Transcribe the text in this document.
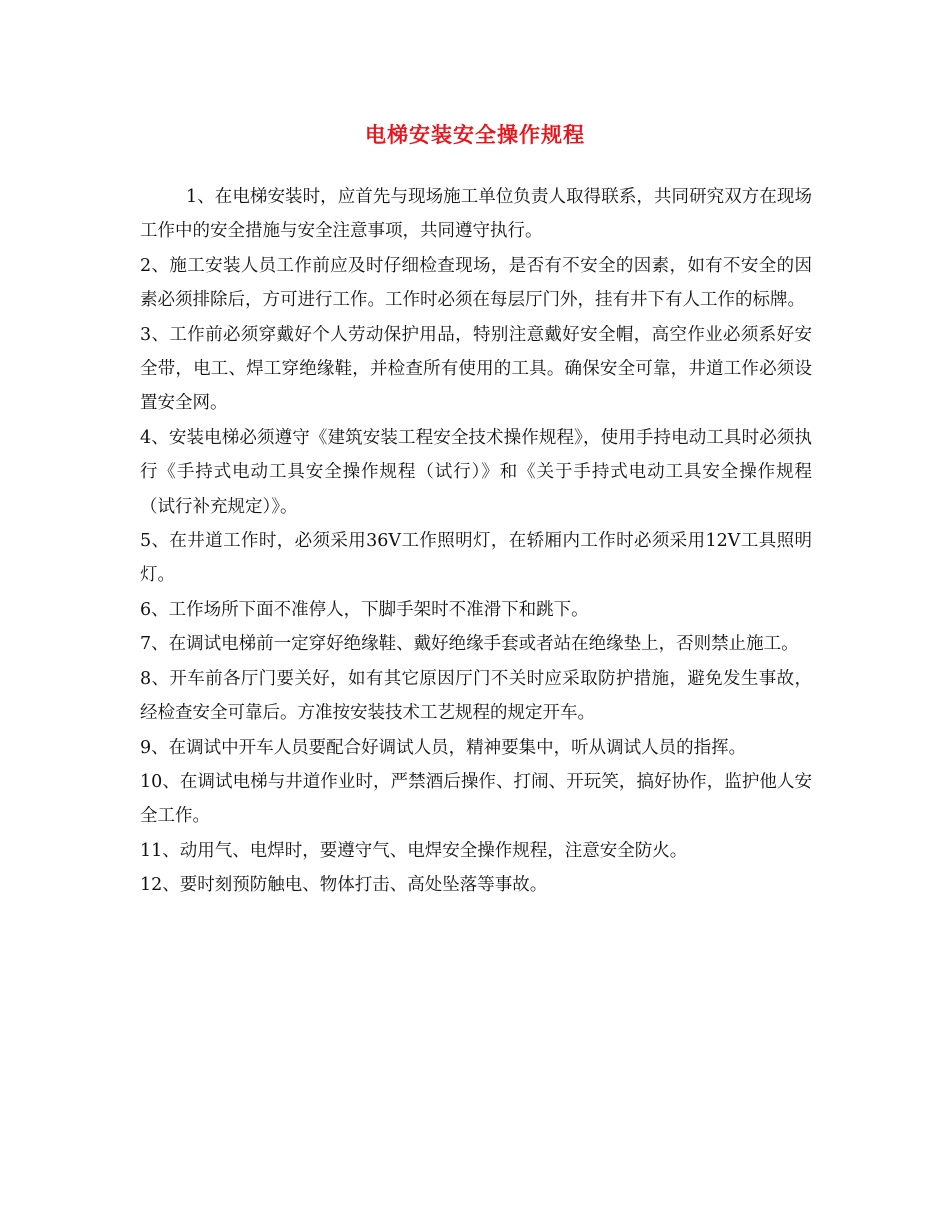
电梯安装安全操作规程

1、在电梯安装时，应首先与现场施工单位负责人取得联系，共同研究双方在现场工作中的安全措施与安全注意事项，共同遵守执行。

2、施工安装人员工作前应及时仔细检查现场，是否有不安全的因素，如有不安全的因素必须排除后，方可进行工作。工作时必须在每层厅门外，挂有井下有人工作的标牌。

3、工作前必须穿戴好个人劳动保护用品，特别注意戴好安全帽，高空作业必须系好安全带，电工、焊工穿绝缘鞋，并检查所有使用的工具。确保安全可靠，井道工作必须设置安全网。

4、安装电梯必须遵守《建筑安装工程安全技术操作规程》，使用手持电动工具时必须执行《手持式电动工具安全操作规程（试行）》和《关于手持式电动工具安全操作规程（试行补充规定）》。

5、在井道工作时，必须采用36V工作照明灯，在轿厢内工作时必须采用12V工具照明灯。

6、工作场所下面不准停人，下脚手架时不准滑下和跳下。

7、在调试电梯前一定穿好绝缘鞋、戴好绝缘手套或者站在绝缘垫上，否则禁止施工。

8、开车前各厅门要关好，如有其它原因厅门不关时应采取防护措施，避免发生事故，经检查安全可靠后。方准按安装技术工艺规程的规定开车。

9、在调试中开车人员要配合好调试人员，精神要集中，听从调试人员的指挥。

10、在调试电梯与井道作业时，严禁酒后操作、打闹、开玩笑，搞好协作，监护他人安全工作。

11、动用气、电焊时，要遵守气、电焊安全操作规程，注意安全防火。

12、要时刻预防触电、物体打击、高处坠落等事故。
